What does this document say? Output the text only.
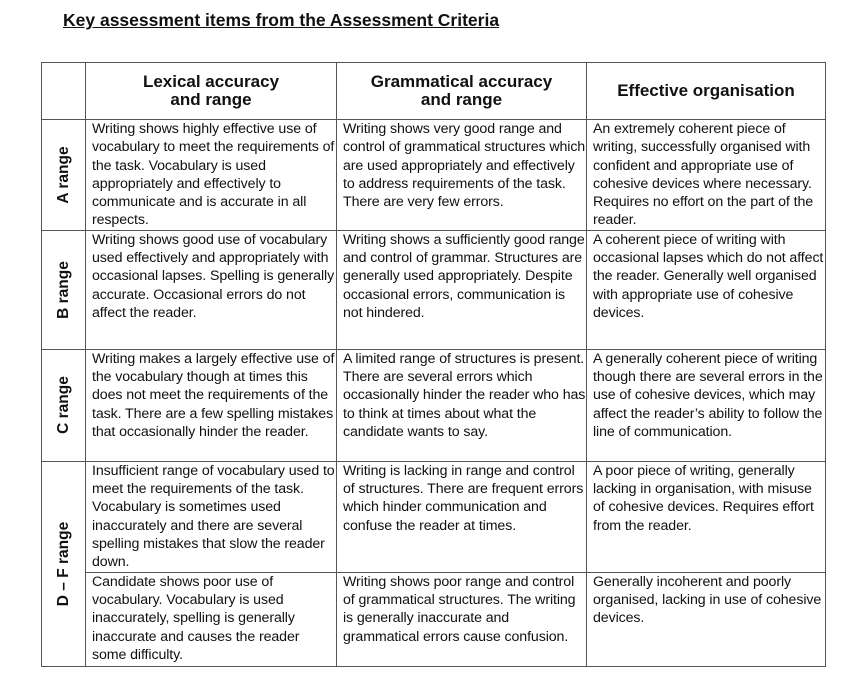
Key assessment items from the Assessment Criteria

	Lexical accuracy and range	Grammatical accuracy and range	Effective organisation

A range	Writing shows highly effective use of vocabulary to meet the requirements of the task. Vocabulary is used appropriately and effectively to communicate and is accurate in all respects.	Writing shows very good range and control of grammatical structures which are used appropriately and effectively to address requirements of the task. There are very few errors.	An extremely coherent piece of writing, successfully organised with confident and appropriate use of cohesive devices where necessary. Requires no effort on the part of the reader.

B range	Writing shows good use of vocabulary used effectively and appropriately with occasional lapses. Spelling is generally accurate. Occasional errors do not affect the reader.	Writing shows a sufficiently good range and control of grammar. Structures are generally used appropriately. Despite occasional errors, communication is not hindered.	A coherent piece of writing with occasional lapses which do not affect the reader. Generally well organised with appropriate use of cohesive devices.

C range	Writing makes a largely effective use of the vocabulary though at times this does not meet the requirements of the task. There are a few spelling mistakes that occasionally hinder the reader.	A limited range of structures is present. There are several errors which occasionally hinder the reader who has to think at times about what the candidate wants to say.	A generally coherent piece of writing though there are several errors in the use of cohesive devices, which may affect the reader’s ability to follow the line of communication.

D – F range	Insufficient range of vocabulary used to meet the requirements of the task. Vocabulary is sometimes used inaccurately and there are several spelling mistakes that slow the reader down.	Writing is lacking in range and control of structures. There are frequent errors which hinder communication and confuse the reader at times.	A poor piece of writing, generally lacking in organisation, with misuse of cohesive devices. Requires effort from the reader.
	Candidate shows poor use of vocabulary. Vocabulary is used inaccurately, spelling is generally inaccurate and causes the reader some difficulty.	Writing shows poor range and control of grammatical structures. The writing is generally inaccurate and grammatical errors cause confusion.	Generally incoherent and poorly organised, lacking in use of cohesive devices.
